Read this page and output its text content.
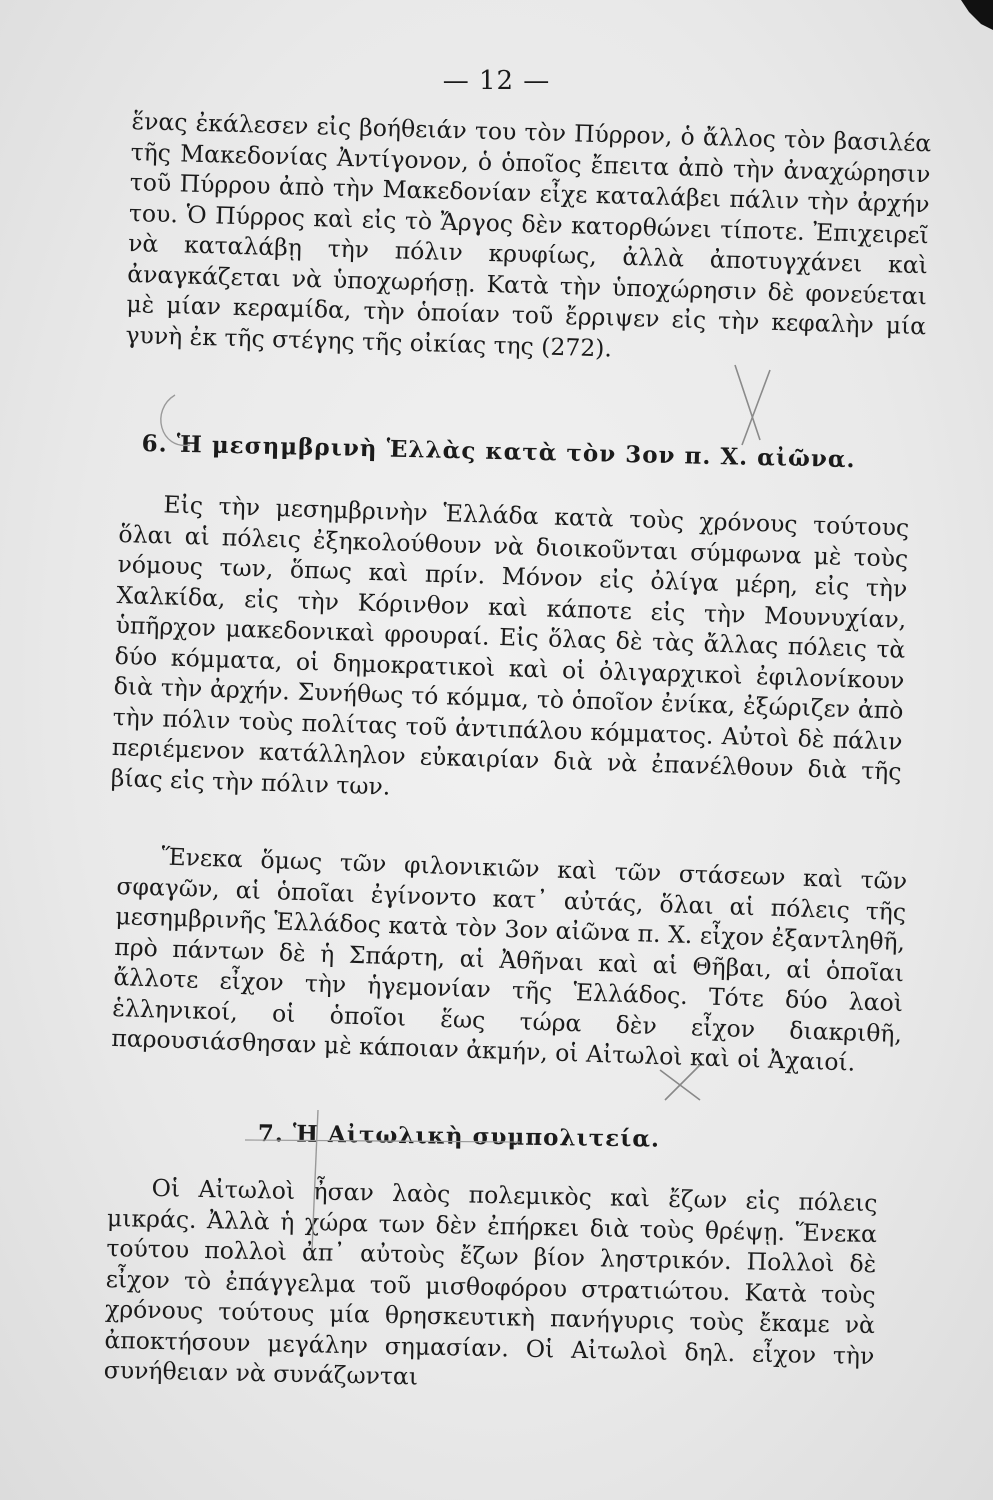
— 12 —

ἕνας ἐκάλεσεν εἰς βοήθειάν του τὸν Πύρρον, ὁ ἄλλος τὸν βασιλέα τῆς Μακεδονίας Ἀντίγονον, ὁ ὁποῖος ἔπειτα ἀπὸ τὴν ἀναχώρησιν τοῦ Πύρρου ἀπὸ τὴν Μακεδονίαν εἶχε καταλάβει πάλιν τὴν ἀρχήν του. Ὁ Πύρρος καὶ εἰς τὸ Ἄργος δὲν κατορθώνει τίποτε. Ἐπιχειρεῖ νὰ καταλάβῃ τὴν πόλιν κρυφίως, ἀλλὰ ἀποτυγχάνει καὶ ἀναγκάζεται νὰ ὑποχωρήσῃ. Κατὰ τὴν ὑποχώρησιν δὲ φονεύεται μὲ μίαν κεραμίδα, τὴν ὁποίαν τοῦ ἔρριψεν εἰς τὴν κεφαλὴν μία γυνὴ ἐκ τῆς στέγης τῆς οἰκίας της (272).

6. Ἡ μεσημβρινὴ Ἑλλὰς κατὰ τὸν 3ον π. Χ. αἰῶνα.

Εἰς τὴν μεσημβρινὴν Ἑλλάδα κατὰ τοὺς χρόνους τούτους ὅλαι αἱ πόλεις ἐξηκολούθουν νὰ διοικοῦνται σύμφωνα μὲ τοὺς νόμους των, ὅπως καὶ πρίν. Μόνον εἰς ὀλίγα μέρη, εἰς τὴν Χαλκίδα, εἰς τὴν Κόρινθον καὶ κάποτε εἰς τὴν Μουνυχίαν, ὑπῆρχον μακεδονικαὶ φρουραί. Εἰς ὅλας δὲ τὰς ἄλλας πόλεις τὰ δύο κόμματα, οἱ δημοκρατικοὶ καὶ οἱ ὀλιγαρχικοὶ ἐφιλονίκουν διὰ τὴν ἀρχήν. Συνήθως τό κόμμα, τὸ ὁποῖον ἐνίκα, ἐξώριζεν ἀπὸ τὴν πόλιν τοὺς πολίτας τοῦ ἀντιπάλου κόμματος. Αὐτοὶ δὲ πάλιν περιέμενον κατάλληλον εὐκαιρίαν διὰ νὰ ἐπανέλθουν διὰ τῆς βίας εἰς τὴν πόλιν των.

Ἕνεκα ὅμως τῶν φιλονικιῶν καὶ τῶν στάσεων καὶ τῶν σφαγῶν, αἱ ὁποῖαι ἐγίνοντο κατ᾽ αὐτάς, ὅλαι αἱ πόλεις τῆς μεσημβρινῆς Ἑλλάδος κατὰ τὸν 3ον αἰῶνα π. Χ. εἶχον ἐξαντληθῆ, πρὸ πάντων δὲ ἡ Σπάρτη, αἱ Ἀθῆναι καὶ αἱ Θῆβαι, αἱ ὁποῖαι ἄλλοτε εἶχον τὴν ἡγεμονίαν τῆς Ἑλλάδος. Τότε δύο λαοὶ ἑλληνικοί, οἱ ὁποῖοι ἕως τώρα δὲν εἶχον διακριθῆ, παρουσιάσθησαν μὲ κάποιαν ἀκμήν, οἱ Αἰτωλοὶ καὶ οἱ Ἀχαιοί.

7. Ἡ Αἰτωλικὴ συμπολιτεία.

Οἱ Αἰτωλοὶ ἦσαν λαὸς πολεμικὸς καὶ ἔζων εἰς πόλεις μικράς. Ἀλλὰ ἡ χώρα των δὲν ἐπήρκει διὰ τοὺς θρέψῃ. Ἕνεκα τούτου πολλοὶ ἀπ᾽ αὐτοὺς ἔζων βίον ληστρικόν. Πολλοὶ δὲ εἶχον τὸ ἐπάγγελμα τοῦ μισθοφόρου στρατιώτου. Κατὰ τοὺς χρόνους τούτους μία θρησκευτικὴ πανήγυρις τοὺς ἔκαμε νὰ ἀποκτήσουν μεγάλην σημασίαν. Οἱ Αἰτωλοὶ δηλ. εἶχον τὴν συνήθειαν νὰ συνάζωνται
